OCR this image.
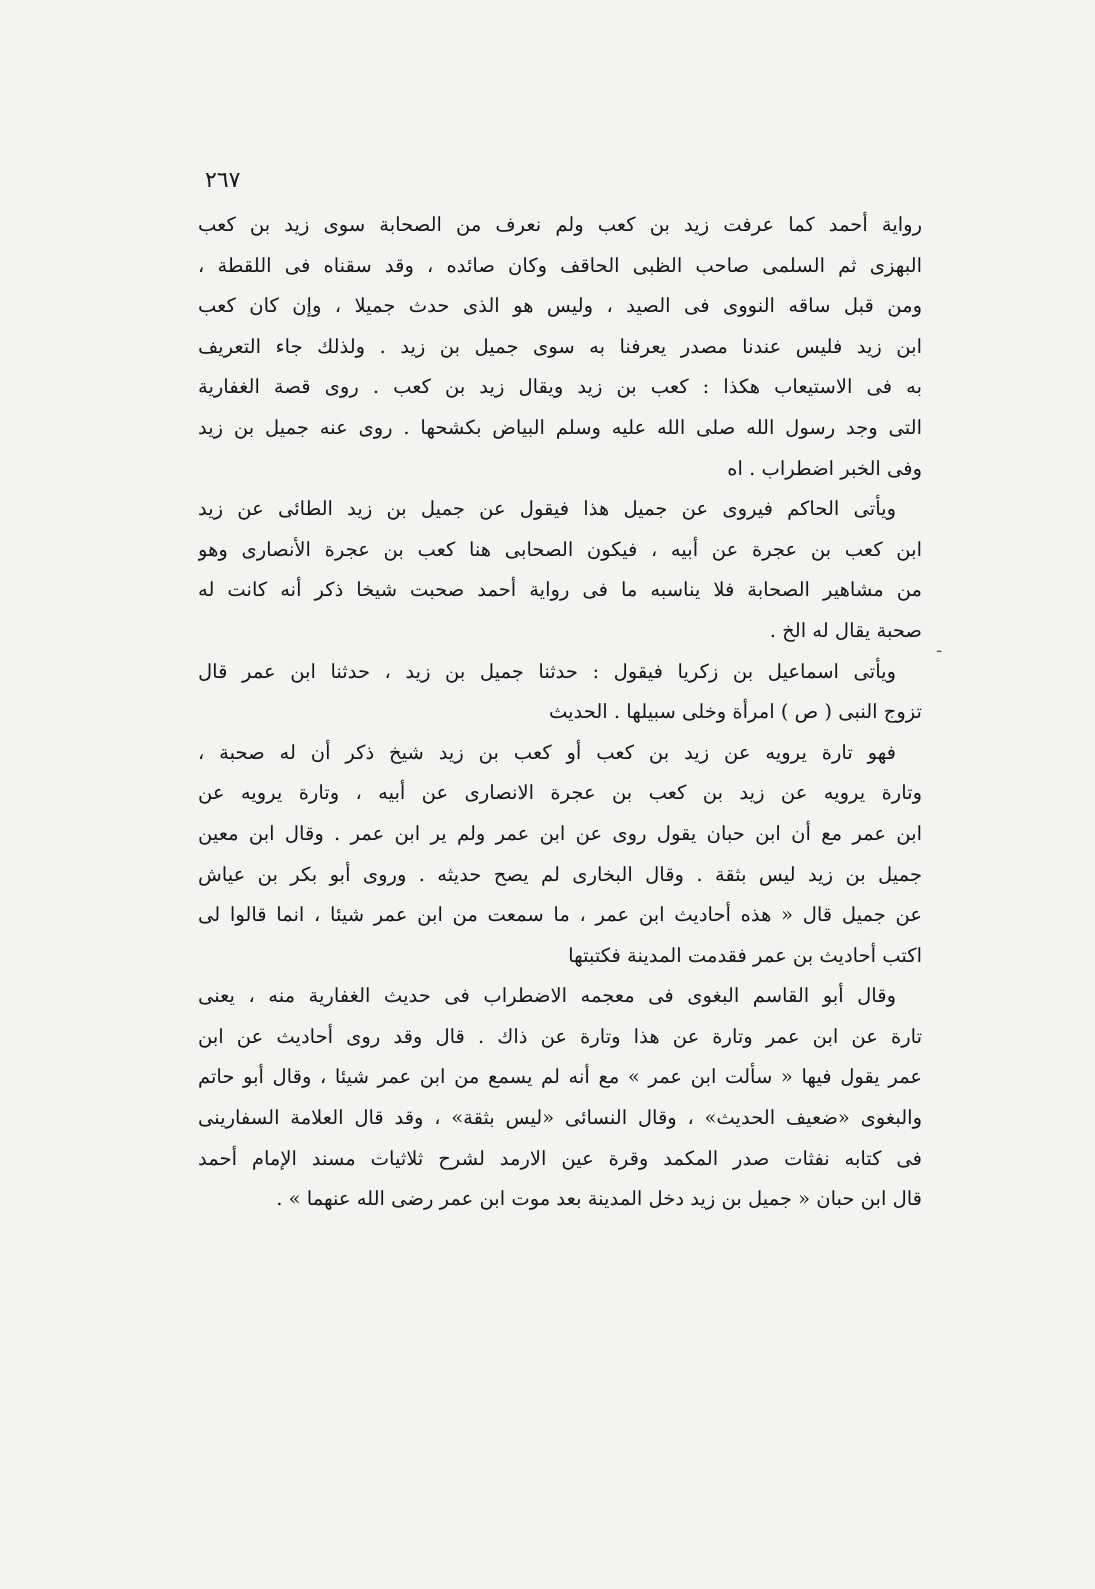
٢٦٧
-
رواية أحمد كما عرفت زيد بن كعب ولم نعرف من الصحابة سوى زيد بن كعب
البهزى ثم السلمى صاحب الظبى الحاقف وكان صائده ، وقد سقناه فى اللقطة ،
ومن قبل ساقه النووى فى الصيد ، وليس هو الذى حدث جميلا ، وإن كان كعب
ابن زيد فليس عندنا مصدر يعرفنا به سوى جميل بن زيد . ولذلك جاء التعريف
به فى الاستيعاب هكذا : كعب بن زيد ويقال زيد بن كعب . روى قصة الغفارية
التى وجد رسول الله صلى الله عليه وسلم البياض بكشحها . روى عنه جميل بن زيد
وفى الخبر اضطراب . اه
ويأتى الحاكم فيروى عن جميل هذا فيقول عن جميل بن زيد الطائى عن زيد
ابن كعب بن عجرة عن أبيه ، فيكون الصحابى هنا كعب بن عجرة الأنصارى وهو
من مشاهير الصحابة فلا يناسبه ما فى رواية أحمد صحبت شيخا ذكر أنه كانت له
صحبة يقال له الخ .
ويأتى اسماعيل بن زكريا فيقول : حدثنا جميل بن زيد ، حدثنا ابن عمر قال
تزوج النبى ( ص ) امرأة وخلى سبيلها . الحديث
فهو تارة يرويه عن زيد بن كعب أو كعب بن زيد شيخ ذكر أن له صحبة ،
وتارة يرويه عن زيد بن كعب بن عجرة الانصارى عن أبيه ، وتارة يرويه عن
ابن عمر مع أن ابن حبان يقول روى عن ابن عمر ولم ير ابن عمر . وقال ابن معين
جميل بن زيد ليس بثقة . وقال البخارى لم يصح حديثه . وروى أبو بكر بن عياش
عن جميل قال « هذه أحاديث ابن عمر ، ما سمعت من ابن عمر شيئا ، انما قالوا لى
اكتب أحاديث بن عمر فقدمت المدينة فكتبتها
وقال أبو القاسم البغوى فى معجمه الاضطراب فى حديث الغفارية منه ، يعنى
تارة عن ابن عمر وتارة عن هذا وتارة عن ذاك . قال وقد روى أحاديث عن ابن
عمر يقول فيها « سألت ابن عمر » مع أنه لم يسمع من ابن عمر شيئا ، وقال أبو حاتم
والبغوى «ضعيف الحديث» ، وقال النسائى «ليس بثقة» ، وقد قال العلامة السفارينى
فى كتابه نفثات صدر المكمد وقرة عين الارمد لشرح ثلاثيات مسند الإمام أحمد
قال ابن حبان « جميل بن زيد دخل المدينة بعد موت ابن عمر رضى الله عنهما » .
